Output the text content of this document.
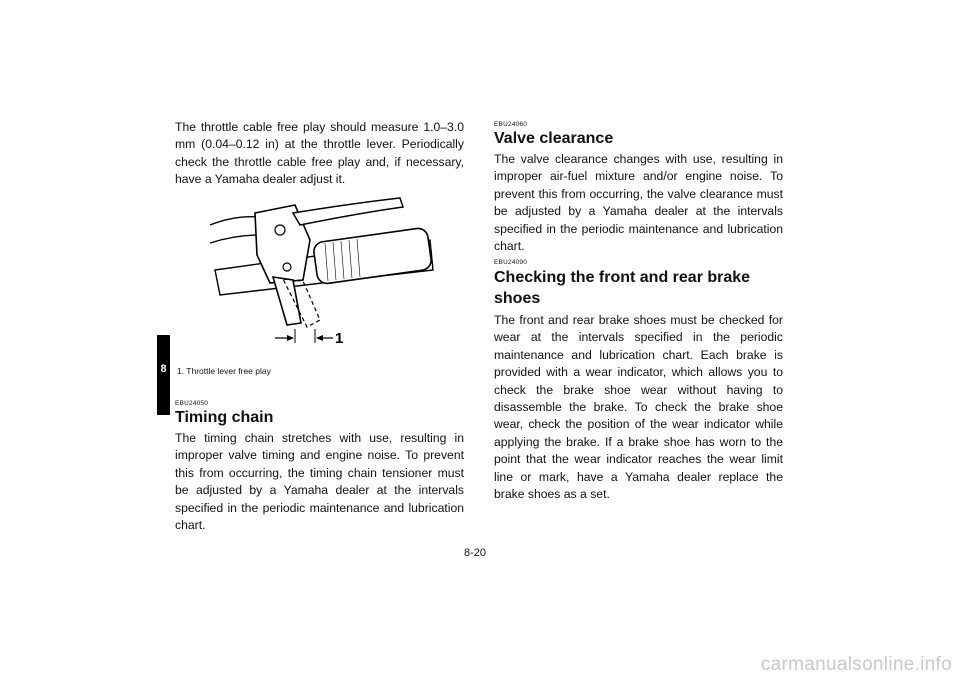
8

The throttle cable free play should measure 1.0–3.0 mm (0.04–0.12 in) at the throttle lever. Periodically check the throttle cable free play and, if necessary, have a Yamaha dealer adjust it.

1

1. Throttle lever free play

EBU24050

Timing chain

The timing chain stretches with use, resulting in improper valve timing and engine noise. To prevent this from occurring, the timing chain tensioner must be adjusted by a Yamaha dealer at the intervals specified in the periodic maintenance and lubrication chart.

EBU24060

Valve clearance

The valve clearance changes with use, resulting in improper air-fuel mixture and/or engine noise. To prevent this from occurring, the valve clearance must be adjusted by a Yamaha dealer at the intervals specified in the periodic maintenance and lubrication chart.

EBU24090

Checking the front and rear brake shoes

The front and rear brake shoes must be checked for wear at the intervals specified in the periodic maintenance and lubrication chart. Each brake is provided with a wear indicator, which allows you to check the brake shoe wear without having to disassemble the brake. To check the brake shoe wear, check the position of the wear indicator while applying the brake. If a brake shoe has worn to the point that the wear indicator reaches the wear limit line or mark, have a Yamaha dealer replace the brake shoes as a set.

8-20

carmanualsonline.info
